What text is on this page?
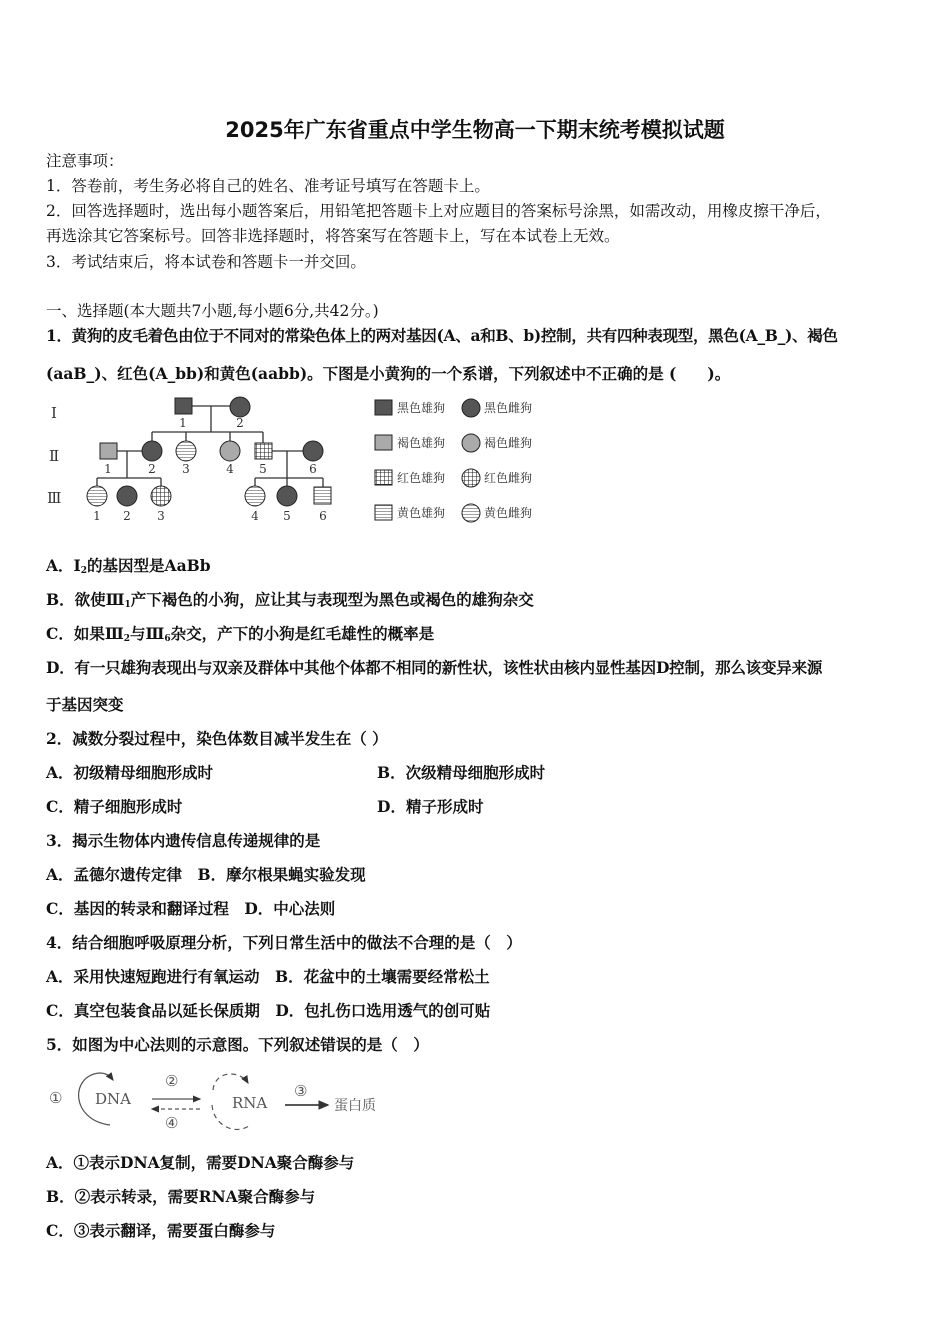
2025年广东省重点中学生物高一下期末统考模拟试题
注意事项：
1．答卷前，考生务必将自己的姓名、准考证号填写在答题卡上。
2．回答选择题时，选出每小题答案后，用铅笔把答题卡上对应题目的答案标号涂黑，如需改动，用橡皮擦干净后，
再选涂其它答案标号。回答非选择题时，将答案写在答题卡上，写在本试卷上无效。
3．考试结束后，将本试卷和答题卡一并交回。
一、选择题(本大题共7小题,每小题6分,共42分。)
1．黄狗的皮毛着色由位于不同对的常染色体上的两对基因(A、a和B、b)控制，共有四种表现型，黑色(A_B_)、褐色
(aaB_)、红色(A_bb)和黄色(aabb)。下图是小黄狗的一个系谱，下列叙述中不正确的是 (　　)。
Ⅰ
Ⅱ
Ⅲ
1	2
1	2 3	4 5	6
1 2 3	4 5 6
黑色雄狗	黑色雌狗
褐色雄狗	褐色雌狗
红色雄狗	红色雌狗
黄色雄狗	黄色雌狗
A．$Ⅰ_2$的基因型是AaBb
B．欲使$Ⅲ_1$产下褐色的小狗，应让其与表现型为黑色或褐色的雄狗杂交
C．如果$Ⅲ_2$与$Ⅲ_6$杂交，产下的小狗是红毛雄性的概率是
D．有一只雄狗表现出与双亲及群体中其他个体都不相同的新性状，该性状由核内显性基因D控制，那么该变异来源
于基因突变
2．减数分裂过程中，染色体数目减半发生在（ ）
A．初级精母细胞形成时	B．次级精母细胞形成时
C．精子细胞形成时	D．精子形成时
3．揭示生物体内遗传信息传递规律的是
A．孟德尔遗传定律　B．摩尔根果蝇实验发现
C．基因的转录和翻译过程　D．中心法则
4．结合细胞呼吸原理分析，下列日常生活中的做法不合理的是（　）
A．采用快速短跑进行有氧运动　B．花盆中的土壤需要经常松土
C．真空包装食品以延长保质期　D．包扎伤口选用透气的创可贴
5．如图为中心法则的示意图。下列叙述错误的是（　）
①
②
④
③
DNA	RNA	蛋白质
A．①表示DNA复制，需要DNA聚合酶参与
B．②表示转录，需要RNA聚合酶参与
C．③表示翻译，需要蛋白酶参与
